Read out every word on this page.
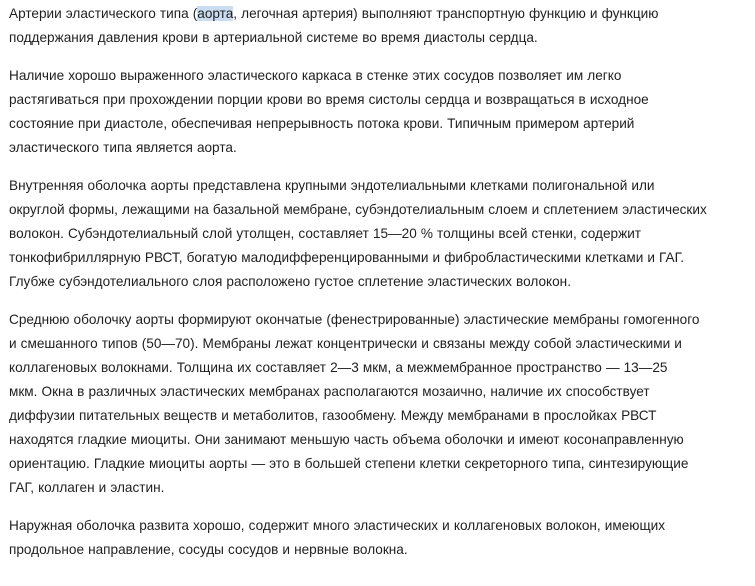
Артерии эластического типа (аорта, легочная артерия) выполняют транспортную функцию и функцию
поддержания давления крови в артериальной системе во время диастолы сердца.

Наличие хорошо выраженного эластического каркаса в стенке этих сосудов позволяет им легко
растягиваться при прохождении порции крови во время систолы сердца и возвращаться в исходное
состояние при диастоле, обеспечивая непрерывность потока крови. Типичным примером артерий
эластического типа является аорта.

Внутренняя оболочка аорты представлена крупными эндотелиальными клетками полигональной или
округлой формы, лежащими на базальной мембране, субэндотелиальным слоем и сплетением эластических
волокон. Субэндотелиальный слой утолщен, составляет 15—20 % толщины всей стенки, содержит
тонкофибриллярную РВСТ, богатую малодифференцированными и фибробластическими клетками и ГАГ.
Глубже субэндотелиального слоя расположено густое сплетение эластических волокон.

Среднюю оболочку аорты формируют окончатые (фенестрированные) эластические мембраны гомогенного
и смешанного типов (50—70). Мембраны лежат концентрически и связаны между собой эластическими и
коллагеновых волокнами. Толщина их составляет 2—3 мкм, а межмембранное пространство — 13—25
мкм. Окна в различных эластических мембранах располагаются мозаично, наличие их способствует
диффузии питательных веществ и метаболитов, газообмену. Между мембранами в прослойках РВСТ
находятся гладкие миоциты. Они занимают меньшую часть объема оболочки и имеют косонаправленную
ориентацию. Гладкие миоциты аорты — это в большей степени клетки секреторного типа, синтезирующие
ГАГ, коллаген и эластин.

Наружная оболочка развита хорошо, содержит много эластических и коллагеновых волокон, имеющих
продольное направление, сосуды сосудов и нервные волокна.
